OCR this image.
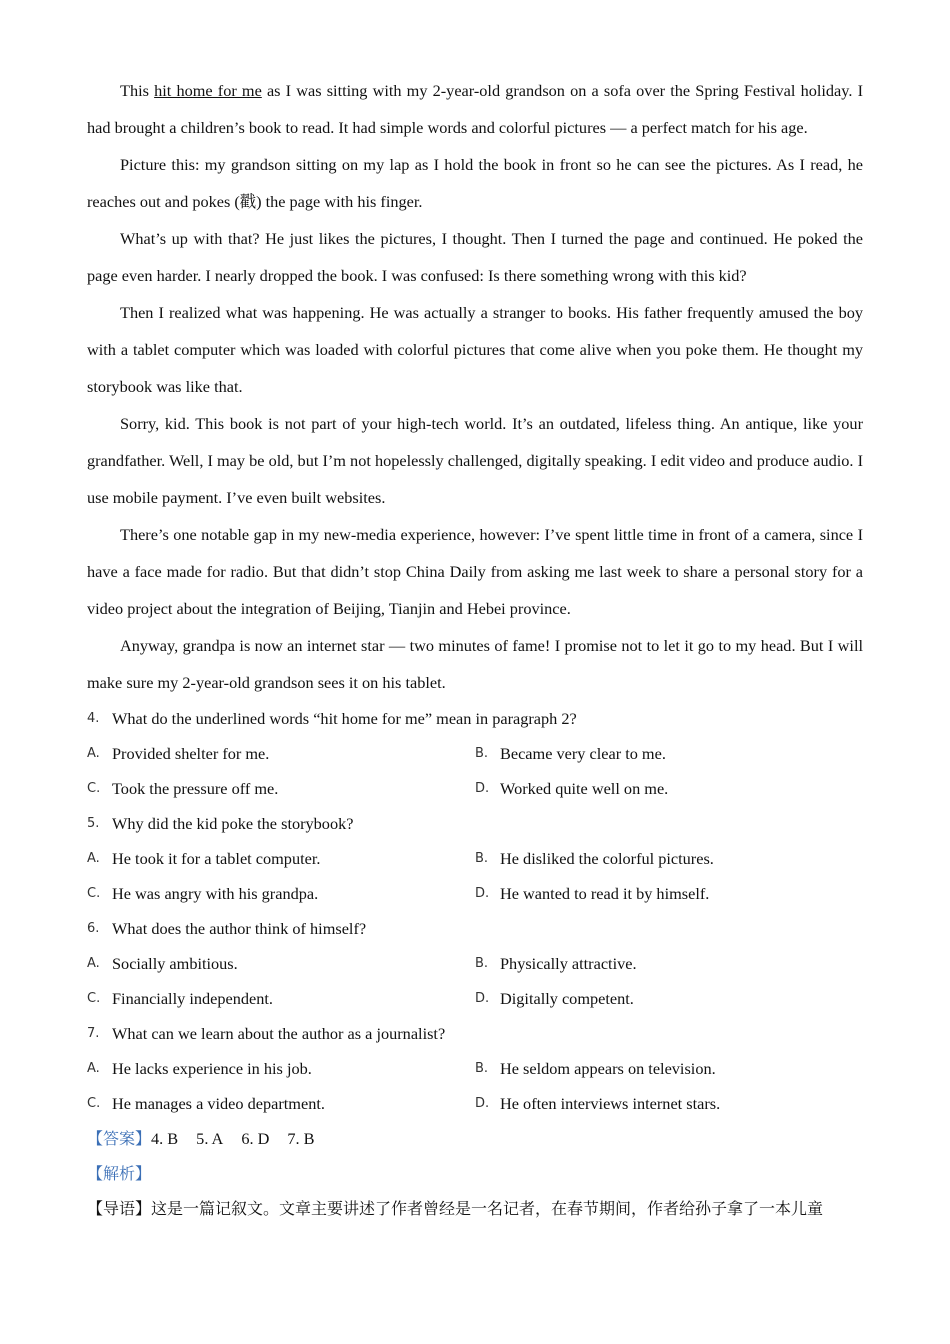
This hit home for me as I was sitting with my 2-year-old grandson on a sofa over the Spring Festival holiday. I had brought a children’s book to read. It had simple words and colorful pictures — a perfect match for his age.

Picture this: my grandson sitting on my lap as I hold the book in front so he can see the pictures. As I read, he reaches out and pokes (戳) the page with his finger.

What’s up with that? He just likes the pictures, I thought. Then I turned the page and continued. He poked the page even harder. I nearly dropped the book. I was confused: Is there something wrong with this kid?

Then I realized what was happening. He was actually a stranger to books. His father frequently amused the boy with a tablet computer which was loaded with colorful pictures that come alive when you poke them. He thought my storybook was like that.

Sorry, kid. This book is not part of your high-tech world. It’s an outdated, lifeless thing. An antique, like your grandfather. Well, I may be old, but I’m not hopelessly challenged, digitally speaking. I edit video and produce audio. I use mobile payment. I’ve even built websites.

There’s one notable gap in my new-media experience, however: I’ve spent little time in front of a camera, since I have a face made for radio. But that didn’t stop China Daily from asking me last week to share a personal story for a video project about the integration of Beijing, Tianjin and Hebei province.

Anyway, grandpa is now an internet star — two minutes of fame! I promise not to let it go to my head. But I will make sure my 2-year-old grandson sees it on his tablet.

4. What do the underlined words “hit home for me” mean in paragraph 2?
A. Provided shelter for me.	B. Became very clear to me.
C. Took the pressure off me.	D. Worked quite well on me.
5. Why did the kid poke the storybook?
A. He took it for a tablet computer.	B. He disliked the colorful pictures.
C. He was angry with his grandpa.	D. He wanted to read it by himself.
6. What does the author think of himself?
A. Socially ambitious.	B. Physically attractive.
C. Financially independent.	D. Digitally competent.
7. What can we learn about the author as a journalist?
A. He lacks experience in his job.	B. He seldom appears on television.
C. He manages a video department.	D. He often interviews internet stars.
【答案】4. B 5. A 6. D 7. B
【解析】
【导语】这是一篇记叙文。文章主要讲述了作者曾经是一名记者，在春节期间，作者给孙子拿了一本儿童
